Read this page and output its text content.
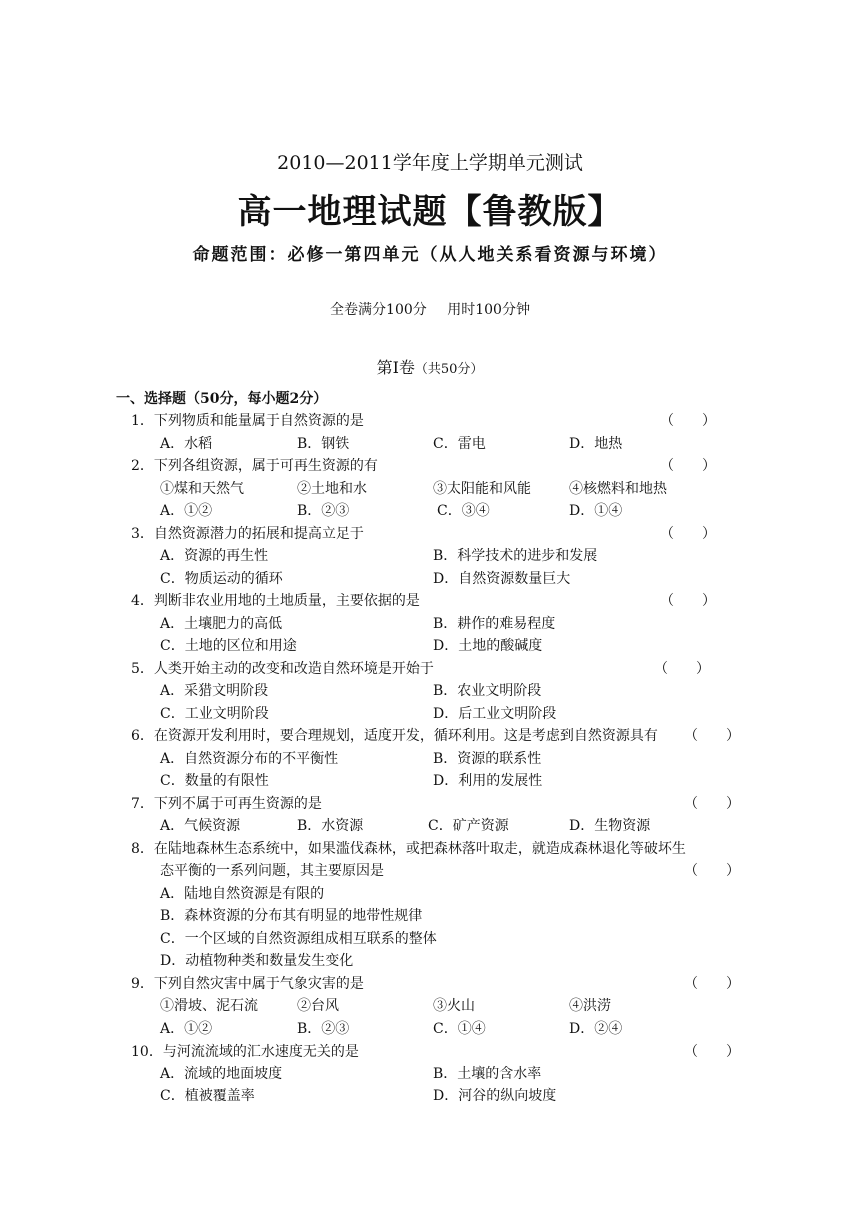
2010—2011学年度上学期单元测试
高一地理试题【鲁教版】
命题范围：必修一第四单元（从人地关系看资源与环境）
全卷满分100分 用时100分钟
第Ⅰ卷（共50分）
一、选择题（50分，每小题2分）
1．下列物质和能量属于自然资源的是	（　　）
A．水稻	B．钢铁	C．雷电	D．地热
2．下列各组资源，属于可再生资源的有	（　　）
①煤和天然气	②土地和水	③太阳能和风能	④核燃料和地热
A．①②	B．②③	C．③④	D．①④
3．自然资源潜力的拓展和提高立足于	（　　）
A．资源的再生性	B．科学技术的进步和发展
C．物质运动的循环	D．自然资源数量巨大
4．判断非农业用地的土地质量，主要依据的是	（　　）
A．土壤肥力的高低	B．耕作的难易程度
C．土地的区位和用途	D．土地的酸碱度
5．人类开始主动的改变和改造自然环境是开始于	（　　）
A．采猎文明阶段	B．农业文明阶段
C．工业文明阶段	D．后工业文明阶段
6．在资源开发利用时，要合理规划，适度开发，循环利用。这是考虑到自然资源具有 （　　）
A．自然资源分布的不平衡性	B．资源的联系性
C．数量的有限性	D．利用的发展性
7．下列不属于可再生资源的是	（　　）
A．气候资源	B．水资源	C．矿产资源	D．生物资源
8．在陆地森林生态系统中，如果滥伐森林，或把森林落叶取走，就造成森林退化等破坏生
态平衡的一系列问题，其主要原因是	（　　）
A．陆地自然资源是有限的
B．森林资源的分布其有明显的地带性规律
C．一个区域的自然资源组成相互联系的整体
D．动植物种类和数量发生变化
9．下列自然灾害中属于气象灾害的是	（　　）
①滑坡、泥石流	②台风	③火山	④洪涝
A．①②	B．②③	C．①④	D．②④
10．与河流流域的汇水速度无关的是	（　　）
A．流域的地面坡度	B．土壤的含水率
C．植被覆盖率	D．河谷的纵向坡度
